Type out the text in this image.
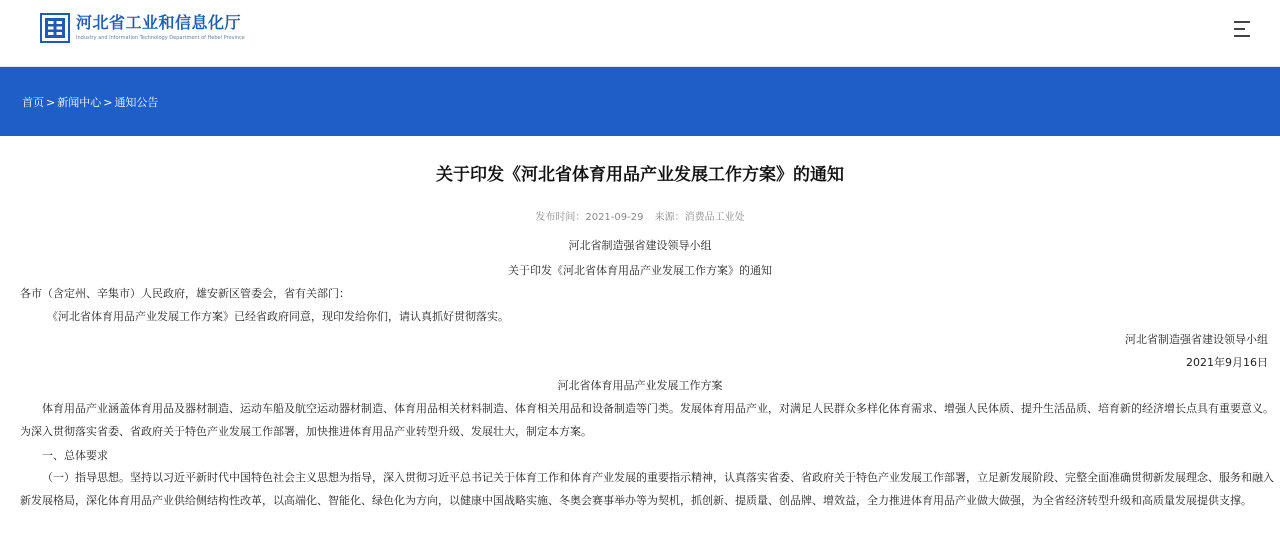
河北省工业和信息化厅
Industry and Information Technology Department of Hebei Province
首页 > 新闻中心 > 通知公告
关于印发《河北省体育用品产业发展工作方案》的通知
发布时间：2021-09-29 来源：消费品工业处
河北省制造强省建设领导小组
关于印发《河北省体育用品产业发展工作方案》的通知
各市（含定州、辛集市）人民政府，雄安新区管委会，省有关部门：
《河北省体育用品产业发展工作方案》已经省政府同意，现印发给你们，请认真抓好贯彻落实。
河北省制造强省建设领导小组
2021年9月16日
河北省体育用品产业发展工作方案
体育用品产业涵盖体育用品及器材制造、运动车船及航空运动器材制造、体育用品相关材料制造、体育相关用品和设备制造等门类。发展体育用品产业，对满足人民群众多样化体育需求、增强人民体质、提升生活品质、培育新的经济增长点具有重要意义。为深入贯彻落实省委、省政府关于特色产业发展工作部署，加快推进体育用品产业转型升级、发展壮大，制定本方案。
一、总体要求
（一）指导思想。坚持以习近平新时代中国特色社会主义思想为指导，深入贯彻习近平总书记关于体育工作和体育产业发展的重要指示精神，认真落实省委、省政府关于特色产业发展工作部署，立足新发展阶段、完整全面准确贯彻新发展理念、服务和融入新发展格局，深化体育用品产业供给侧结构性改革，以高端化、智能化、绿色化为方向，以健康中国战略实施、冬奥会赛事举办等为契机，抓创新、提质量、创品牌、增效益，全力推进体育用品产业做大做强，为全省经济转型升级和高质量发展提供支撑。
